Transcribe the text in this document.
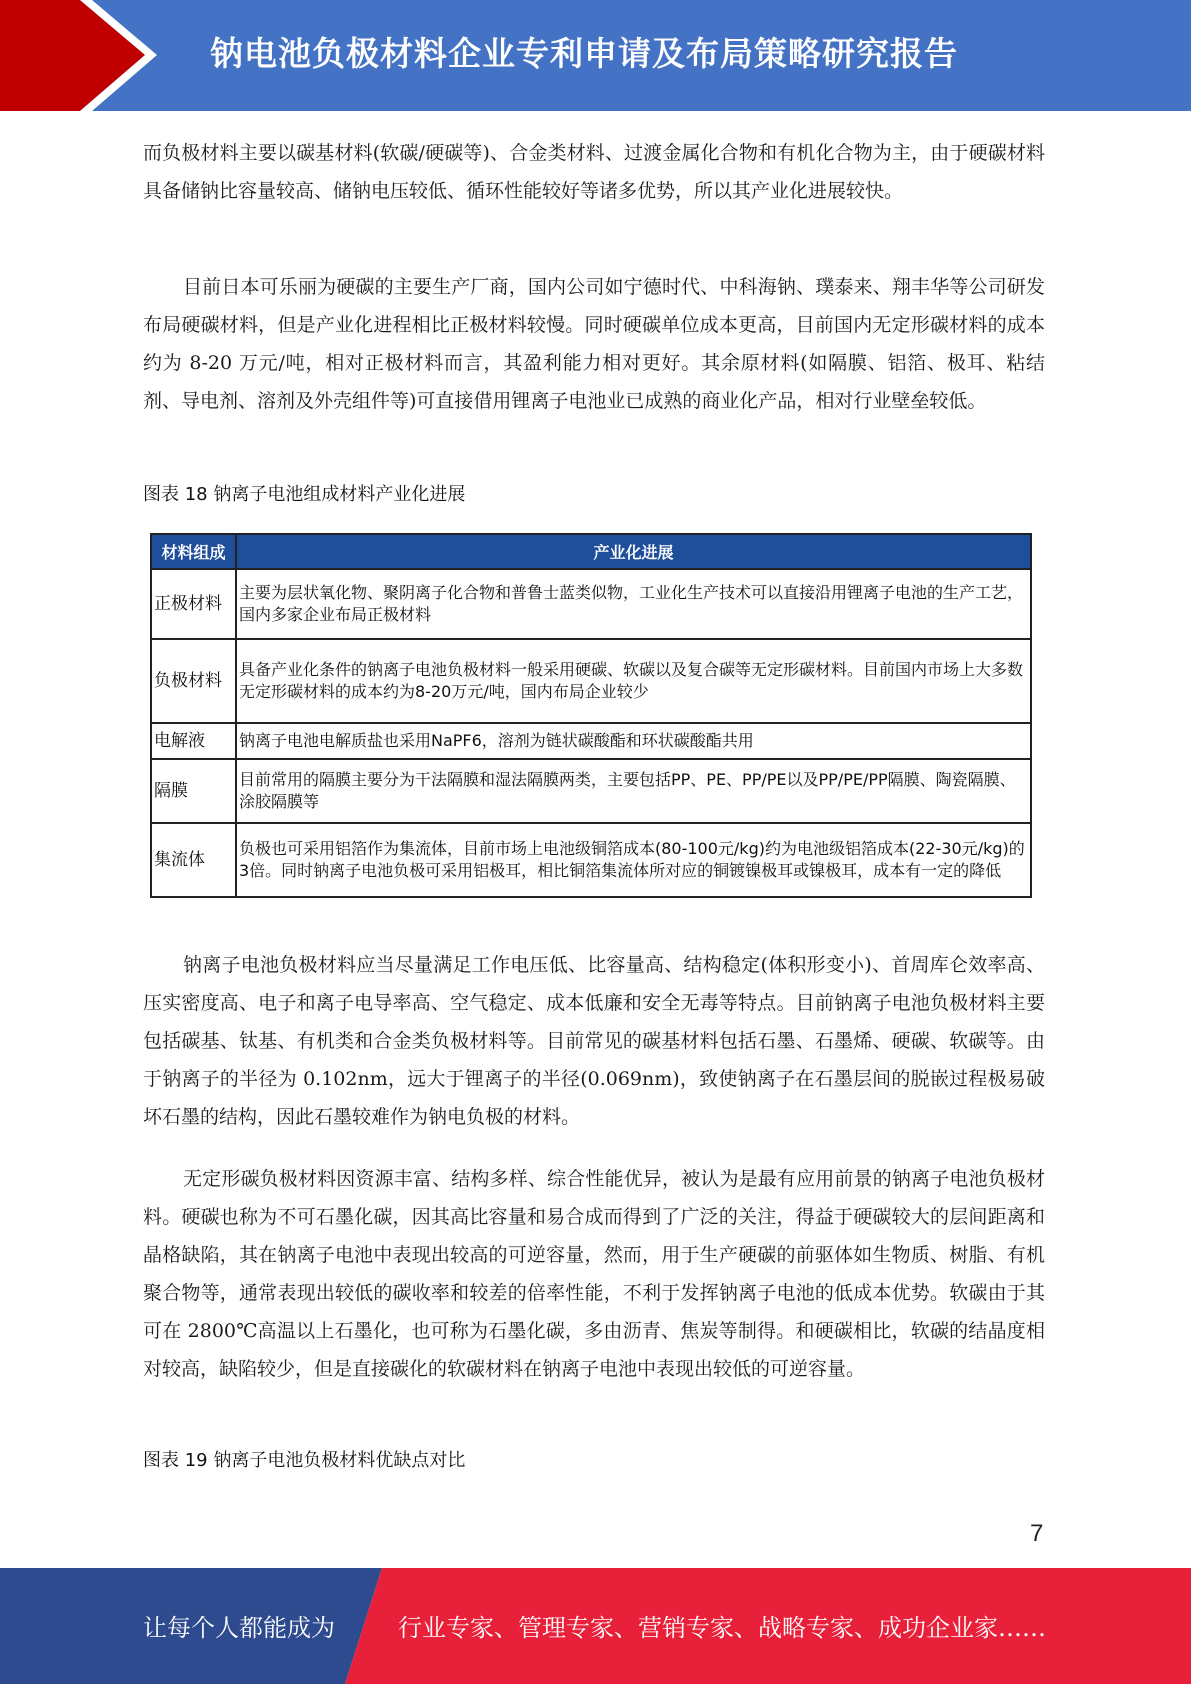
钠电池负极材料企业专利申请及布局策略研究报告

而负极材料主要以碳基材料(软碳/硬碳等)、合金类材料、过渡金属化合物和有机化合物为主，由于硬碳材料具备储钠比容量较高、储钠电压较低、循环性能较好等诸多优势，所以其产业化进展较快。

目前日本可乐丽为硬碳的主要生产厂商，国内公司如宁德时代、中科海钠、璞泰来、翔丰华等公司研发布局硬碳材料，但是产业化进程相比正极材料较慢。同时硬碳单位成本更高，目前国内无定形碳材料的成本约为 8-20 万元/吨，相对正极材料而言，其盈利能力相对更好。其余原材料(如隔膜、铝箔、极耳、粘结剂、导电剂、溶剂及外壳组件等)可直接借用锂离子电池业已成熟的商业化产品，相对行业壁垒较低。

图表 18 钠离子电池组成材料产业化进展
材料组成	产业化进展
正极材料	主要为层状氧化物、聚阴离子化合物和普鲁士蓝类似物，工业化生产技术可以直接沿用锂离子电池的生产工艺，国内多家企业布局正极材料
负极材料	具备产业化条件的钠离子电池负极材料一般采用硬碳、软碳以及复合碳等无定形碳材料。目前国内市场上大多数无定形碳材料的成本约为8-20万元/吨，国内布局企业较少
电解液	钠离子电池电解质盐也采用NaPF6，溶剂为链状碳酸酯和环状碳酸酯共用
隔膜	目前常用的隔膜主要分为干法隔膜和湿法隔膜两类，主要包括PP、PE、PP/PE以及PP/PE/PP隔膜、陶瓷隔膜、涂胶隔膜等
集流体	负极也可采用铝箔作为集流体，目前市场上电池级铜箔成本(80-100元/kg)约为电池级铝箔成本(22-30元/kg)的3倍。同时钠离子电池负极可采用铝极耳，相比铜箔集流体所对应的铜镀镍极耳或镍极耳，成本有一定的降低

钠离子电池负极材料应当尽量满足工作电压低、比容量高、结构稳定(体积形变小)、首周库仑效率高、压实密度高、电子和离子电导率高、空气稳定、成本低廉和安全无毒等特点。目前钠离子电池负极材料主要包括碳基、钛基、有机类和合金类负极材料等。目前常见的碳基材料包括石墨、石墨烯、硬碳、软碳等。由于钠离子的半径为 0.102nm，远大于锂离子的半径(0.069nm)，致使钠离子在石墨层间的脱嵌过程极易破坏石墨的结构，因此石墨较难作为钠电负极的材料。

无定形碳负极材料因资源丰富、结构多样、综合性能优异，被认为是最有应用前景的钠离子电池负极材料。硬碳也称为不可石墨化碳，因其高比容量和易合成而得到了广泛的关注，得益于硬碳较大的层间距离和晶格缺陷，其在钠离子电池中表现出较高的可逆容量，然而，用于生产硬碳的前驱体如生物质、树脂、有机聚合物等，通常表现出较低的碳收率和较差的倍率性能，不利于发挥钠离子电池的低成本优势。软碳由于其可在 2800℃高温以上石墨化，也可称为石墨化碳，多由沥青、焦炭等制得。和硬碳相比，软碳的结晶度相对较高，缺陷较少，但是直接碳化的软碳材料在钠离子电池中表现出较低的可逆容量。

图表 19 钠离子电池负极材料优缺点对比
7
让每个人都能成为	行业专家、管理专家、营销专家、战略专家、成功企业家……
